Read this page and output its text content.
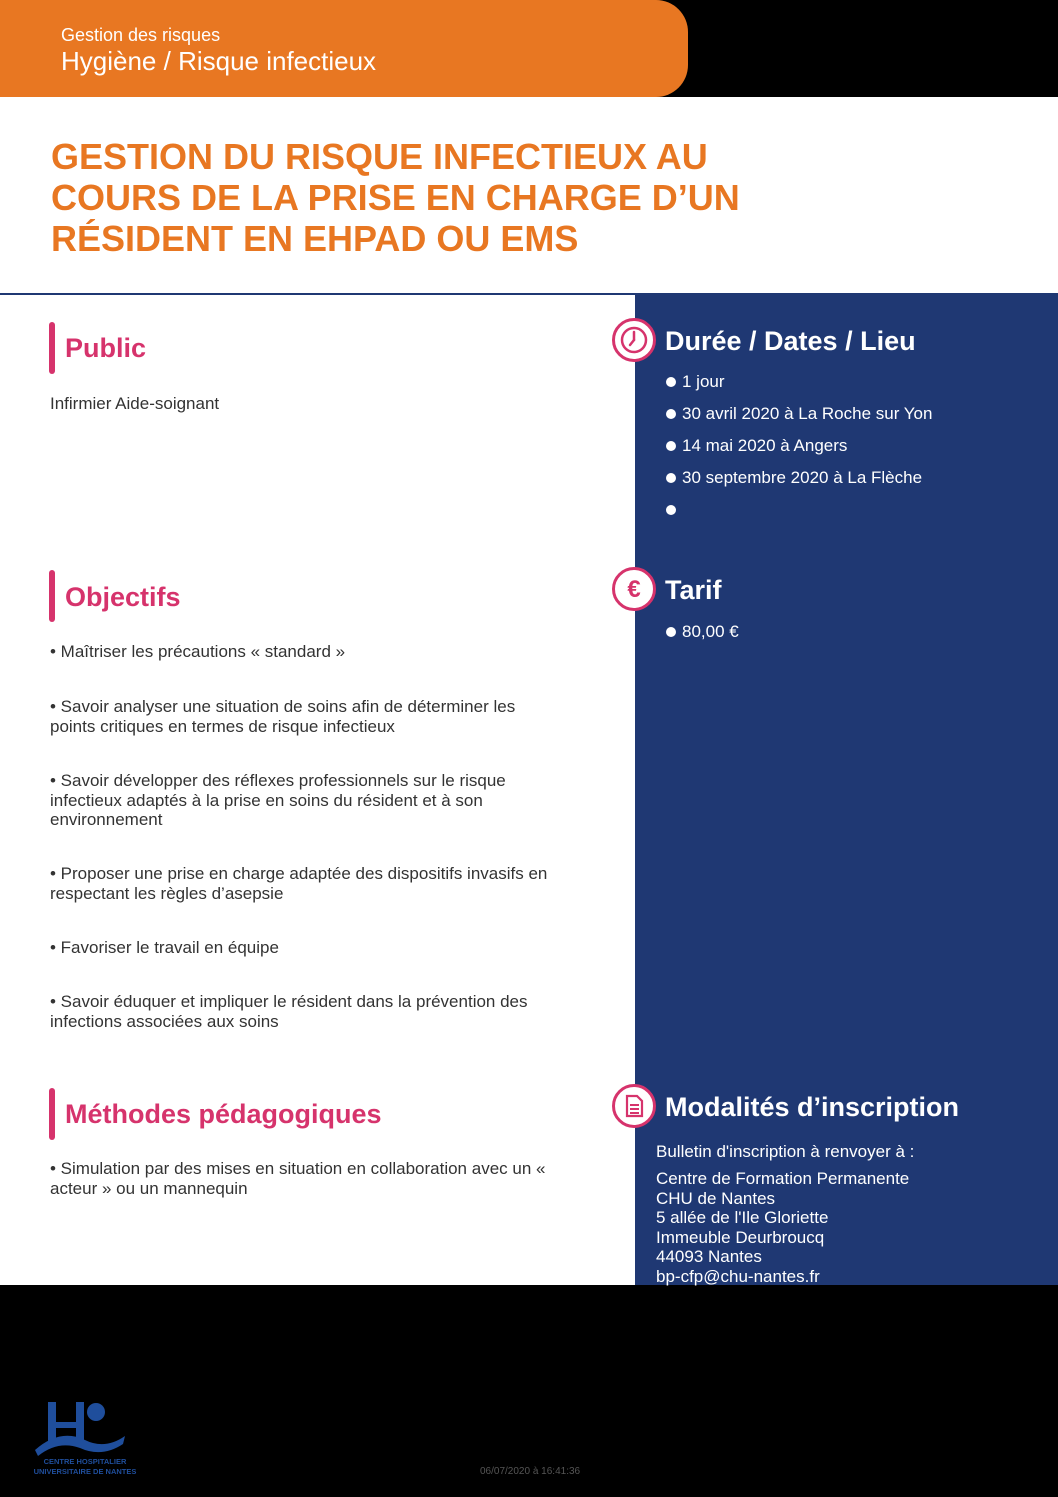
Gestion des risques
Hygiène / Risque infectieux
GESTION DU RISQUE INFECTIEUX AU
COURS DE LA PRISE EN CHARGE D’UN
RÉSIDENT EN EHPAD OU EMS
Public
Infirmier Aide-soignant
Objectifs
• Maîtriser les précautions « standard »
• Savoir analyser une situation de soins afin de déterminer les
points critiques en termes de risque infectieux
• Savoir développer des réflexes professionnels sur le risque
infectieux adaptés à la prise en soins du résident et à son
environnement
• Proposer une prise en charge adaptée des dispositifs invasifs en
respectant les règles d’asepsie
• Favoriser le travail en équipe
• Savoir éduquer et impliquer le résident dans la prévention des
infections associées aux soins
Méthodes pédagogiques
• Simulation par des mises en situation en collaboration avec un «
acteur » ou un mannequin
Durée / Dates / Lieu
1 jour
30 avril 2020 à La Roche sur Yon
14 mai 2020 à Angers
30 septembre 2020 à La Flèche
€ Tarif
80,00 €
Modalités d’inscription
Bulletin d'inscription à renvoyer à :
Centre de Formation Permanente
CHU de Nantes
5 allée de l'Ile Gloriette
Immeuble Deurbroucq
44093 Nantes
bp-cfp@chu-nantes.fr
CENTRE HOSPITALIER
UNIVERSITAIRE DE NANTES	06/07/2020 à 16:41:36
